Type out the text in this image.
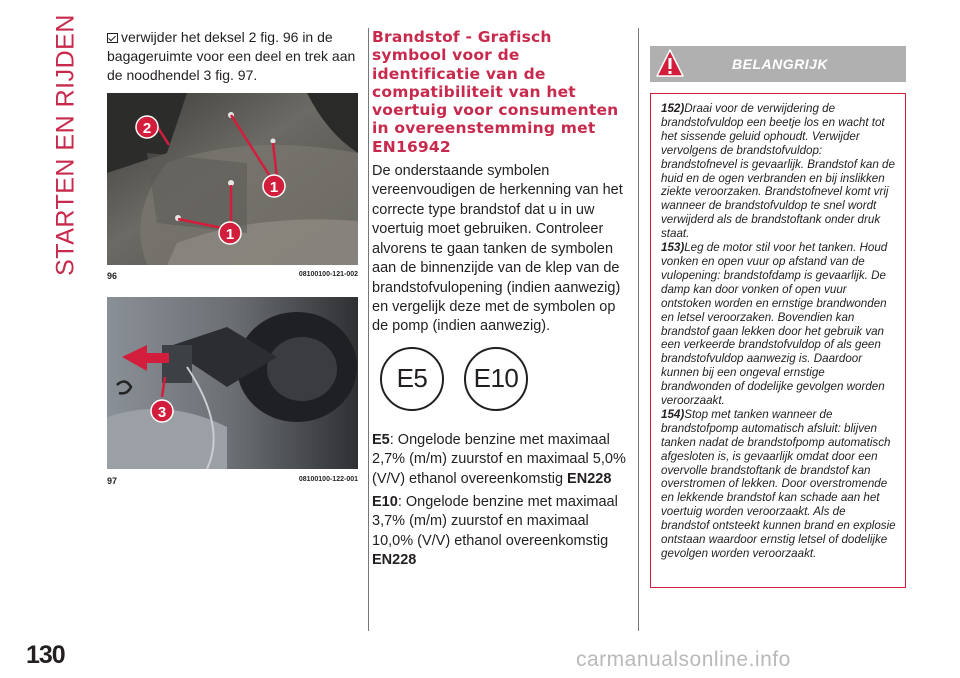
STARTEN EN RIJDEN
130

verwijder het deksel 2 fig. 96 in de bagageruimte voor een deel en trek aan de noodhendel 3 fig. 97.

2
1
1
96	08100100-121-002
3
97	08100100-122-001
Brandstof - Grafisch symbool voor de identificatie van de compatibiliteit van het voertuig voor consumenten in overeenstemming met EN16942

De onderstaande symbolen vereenvoudigen de herkenning van het correcte type brandstof dat u in uw voertuig moet gebruiken. Controleer alvorens te gaan tanken de symbolen aan de binnenzijde van de klep van de brandstofvulopening (indien aanwezig) en vergelijk deze met de symbolen op de pomp (indien aanwezig).

E5	E10

E5: Ongelode benzine met maximaal 2,7% (m/m) zuurstof en maximaal 5,0% (V/V) ethanol overeenkomstig EN228

E10: Ongelode benzine met maximaal 3,7% (m/m) zuurstof en maximaal 10,0% (V/V) ethanol overeenkomstig EN228

BELANGRIJK

152)Draai voor de verwijdering de brandstofvuldop een beetje los en wacht tot het sissende geluid ophoudt. Verwijder vervolgens de brandstofvuldop: brandstofnevel is gevaarlijk. Brandstof kan de huid en de ogen verbranden en bij inslikken ziekte veroorzaken. Brandstofnevel komt vrij wanneer de brandstofvuldop te snel wordt verwijderd als de brandstoftank onder druk staat.

153)Leg de motor stil voor het tanken. Houd vonken en open vuur op afstand van de vulopening: brandstofdamp is gevaarlijk. De damp kan door vonken of open vuur ontstoken worden en ernstige brandwonden en letsel veroorzaken. Bovendien kan brandstof gaan lekken door het gebruik van een verkeerde brandstofvuldop of als geen brandstofvuldop aanwezig is. Daardoor kunnen bij een ongeval ernstige brandwonden of dodelijke gevolgen worden veroorzaakt.

154)Stop met tanken wanneer de brandstofpomp automatisch afsluit: blijven tanken nadat de brandstofpomp automatisch afgesloten is, is gevaarlijk omdat door een overvolle brandstoftank de brandstof kan overstromen of lekken. Door overstromende en lekkende brandstof kan schade aan het voertuig worden veroorzaakt. Als de brandstof ontsteekt kunnen brand en explosie ontstaan waardoor ernstig letsel of dodelijke gevolgen worden veroorzaakt.

carmanualsonline.info
